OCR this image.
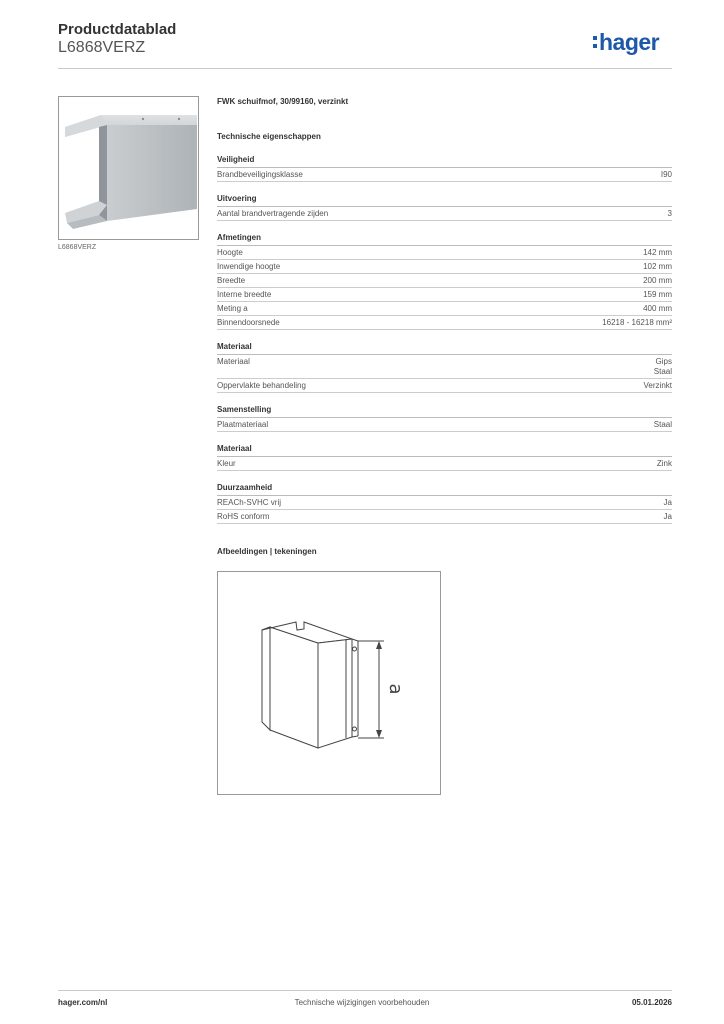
Productdatablad
L6868VERZ	hager
L6868VERZ
FWK schuifmof, 30/99160, verzinkt
Technische eigenschappen
Veiligheid
Brandbeveiligingsklasse	I90
Uitvoering
Aantal brandvertragende zijden	3
Afmetingen
Hoogte	142 mm
Inwendige hoogte	102 mm
Breedte	200 mm
Interne breedte	159 mm
Meting a	400 mm
Binnendoorsnede	16218 - 16218 mm²
Materiaal
Materiaal	Gips
Staal
Oppervlakte behandeling	Verzinkt
Samenstelling
Plaatmateriaal	Staal
Materiaal
Kleur	Zink
Duurzaamheid
REACh-SVHC vrij	Ja
RoHS conform	Ja
Afbeeldingen | tekeningen
a
hager.com/nl	Technische wijzigingen voorbehouden	05.01.2026
